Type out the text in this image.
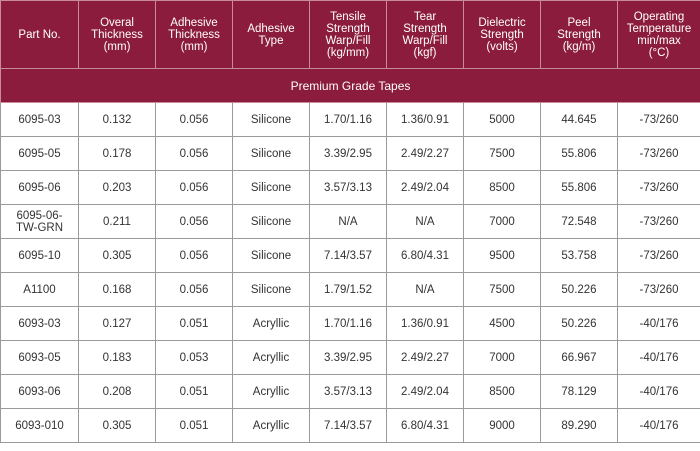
Part No.	Overal
Thickness
(mm)	Adhesive
Thickness
(mm)	Adhesive
Type	Tensile
Strength
Warp/Fill
(kg/mm)	Tear
Strength
Warp/Fill
(kgf)	Dielectric
Strength
(volts)	Peel
Strength
(kg/m)	Operating
Temperature
min/max
(°C)
Premium Grade Tapes								
6095-03	0.132	0.056	Silicone	1.70/1.16	1.36/0.91	5000	44.645	-73/260
6095-05	0.178	0.056	Silicone	3.39/2.95	2.49/2.27	7500	55.806	-73/260
6095-06	0.203	0.056	Silicone	3.57/3.13	2.49/2.04	8500	55.806	-73/260
6095-06-
TW-GRN	0.211	0.056	Silicone	N/A	N/A	7000	72.548	-73/260
6095-10	0.305	0.056	Silicone	7.14/3.57	6.80/4.31	9500	53.758	-73/260
A1100	0.168	0.056	Silicone	1.79/1.52	N/A	7500	50.226	-73/260
6093-03	0.127	0.051	Acryllic	1.70/1.16	1.36/0.91	4500	50.226	-40/176
6093-05	0.183	0.053	Acryllic	3.39/2.95	2.49/2.27	7000	66.967	-40/176
6093-06	0.208	0.051	Acryllic	3.57/3.13	2.49/2.04	8500	78.129	-40/176
6093-010	0.305	0.051	Acryllic	7.14/3.57	6.80/4.31	9000	89.290	-40/176
